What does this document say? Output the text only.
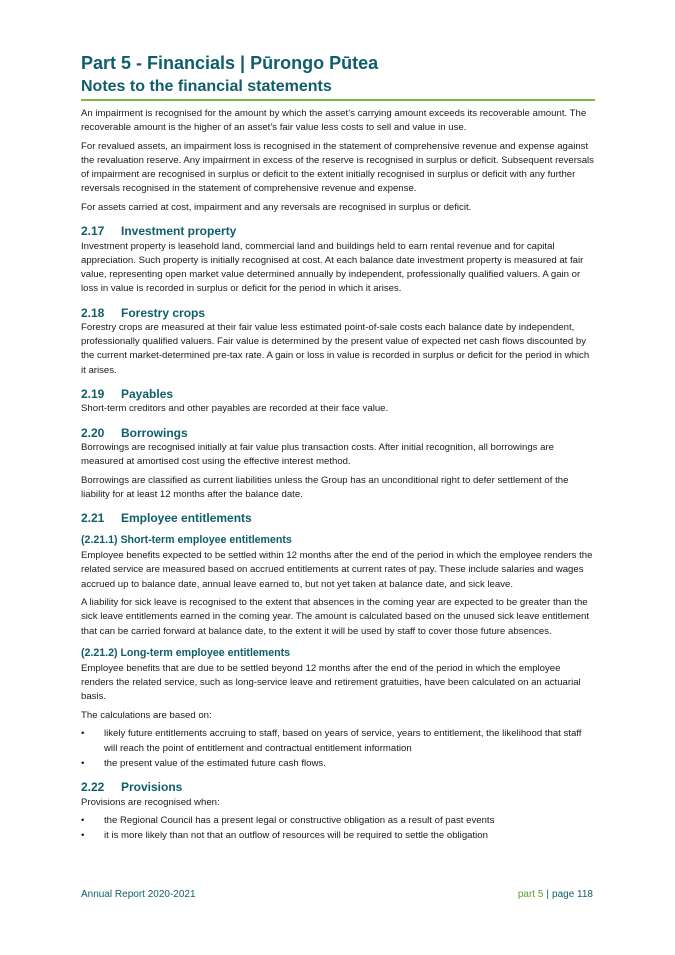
Part 5 - Financials | Pūrongo Pūtea
Notes to the financial statements

An impairment is recognised for the amount by which the asset’s carrying amount exceeds its recoverable amount. The recoverable amount is the higher of an asset’s fair value less costs to sell and value in use.

For revalued assets, an impairment loss is recognised in the statement of comprehensive revenue and expense against the revaluation reserve. Any impairment in excess of the reserve is recognised in surplus or deficit. Subsequent reversals of impairment are recognised in surplus or deficit to the extent initially recognised in surplus or deficit with any further reversals recognised in the statement of comprehensive revenue and expense.

For assets carried at cost, impairment and any reversals are recognised in surplus or deficit.

2.17 Investment property

Investment property is leasehold land, commercial land and buildings held to earn rental revenue and for capital appreciation. Such property is initially recognised at cost. At each balance date investment property is measured at fair value, representing open market value determined annually by independent, professionally qualified valuers. A gain or loss in value is recorded in surplus or deficit for the period in which it arises.

2.18 Forestry crops

Forestry crops are measured at their fair value less estimated point-of-sale costs each balance date by independent, professionally qualified valuers. Fair value is determined by the present value of expected net cash flows discounted by the current market-determined pre-tax rate. A gain or loss in value is recorded in surplus or deficit for the period in which it arises.

2.19 Payables

Short-term creditors and other payables are recorded at their face value.

2.20 Borrowings

Borrowings are recognised initially at fair value plus transaction costs. After initial recognition, all borrowings are measured at amortised cost using the effective interest method.

Borrowings are classified as current liabilities unless the Group has an unconditional right to defer settlement of the liability for at least 12 months after the balance date.

2.21 Employee entitlements
(2.21.1) Short-term employee entitlements

Employee benefits expected to be settled within 12 months after the end of the period in which the employee renders the related service are measured based on accrued entitlements at current rates of pay. These include salaries and wages accrued up to balance date, annual leave earned to, but not yet taken at balance date, and sick leave.

A liability for sick leave is recognised to the extent that absences in the coming year are expected to be greater than the sick leave entitlements earned in the coming year. The amount is calculated based on the unused sick leave entitlement that can be carried forward at balance date, to the extent it will be used by staff to cover those future absences.

(2.21.2) Long-term employee entitlements

Employee benefits that are due to be settled beyond 12 months after the end of the period in which the employee renders the related service, such as long-service leave and retirement gratuities, have been calculated on an actuarial basis.

The calculations are based on:

• likely future entitlements accruing to staff, based on years of service, years to entitlement, the likelihood that staff will reach the point of entitlement and contractual entitlement information
• the present value of the estimated future cash flows.
2.22 Provisions

Provisions are recognised when:

• the Regional Council has a present legal or constructive obligation as a result of past events
• it is more likely than not that an outflow of resources will be required to settle the obligation
Annual Report 2020-2021	part 5 | page 118
